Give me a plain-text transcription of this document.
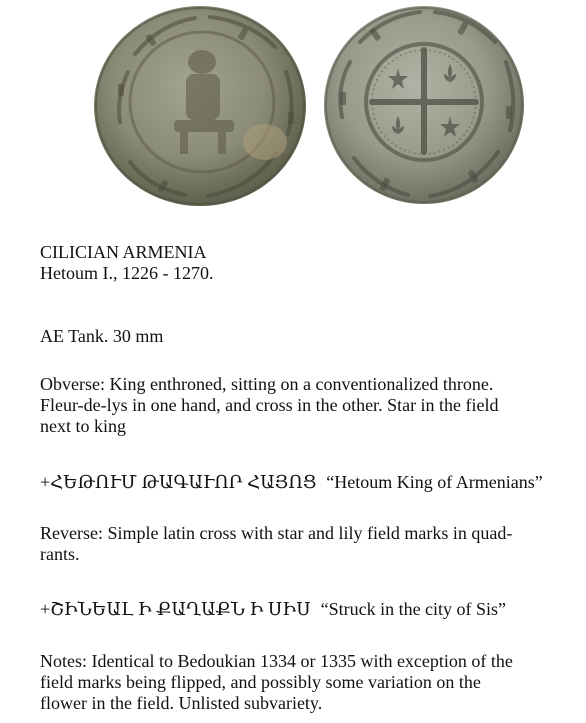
CILICIAN ARMENIA

Hetoum I., 1226 - 1270.

AE Tank. 30 mm

Obverse: King enthroned, sitting on a conventionalized throne.

Fleur-de-lys in one hand, and cross in the other. Star in the field

next to king

+ՀԵԹՈՒՄ ԹԱԳԱՒՈՐ ՀԱՅՈՑ “Hetoum King of Armenians”

Reverse: Simple latin cross with star and lily field marks in quad-

rants.

+ՇԻՆԵԱԼ Ի ՔԱՂԱՔՆ Ի ՍԻՍ “Struck in the city of Sis”

Notes: Identical to Bedoukian 1334 or 1335 with exception of the

field marks being flipped, and possibly some variation on the

flower in the field. Unlisted subvariety.
